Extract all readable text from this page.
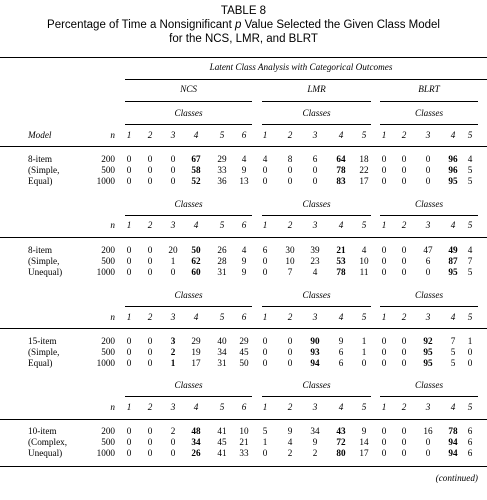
TABLE 8
Percentage of Time a Nonsignificant p Value Selected the Given Class Model
for the NCS, LMR, and BLRT
Latent Class Analysis with Categorical Outcomes
NCS	LMR	BLRT
Classes	Classes	Classes
Model	n 1 2 3 4 5 6 1 2 3 4 5 1 2 3 4 5
8-item
(Simple,
Equal)
200 0 0 0 67 29 4 4 8 6 64 18 0 0 0 96 4
500 0 0 0 58 33 9 0 0 0 78 22 0 0 0 96 5
1000 0 0 0 52 36 13 0 0 0 83 17 0 0 0 95 5
Classes	Classes	Classes
n 1 2 3 4 5 6 1 2 3 4 5 1 2 3 4 5
8-item
(Simple,
Unequal)
200 0 0 20 50 26 4 6 30 39 21 4 0 0 47 49 4
500 0 0 1 62 28 9 0 10 23 53 10 0 0 6 87 7
1000 0 0 0 60 31 9 0 7 4 78 11 0 0 0 95 5
Classes	Classes	Classes
n 1 2 3 4 5 6 1 2 3 4 5 1 2 3 4 5
15-item
(Simple,
Equal)
200 0 0 3 29 40 29 0 0 90 9 1 0 0 92 7 1
500 0 0 2 19 34 45 0 0 93 6 1 0 0 95 5 0
1000 0 0 1 17 31 50 0 0 94 6 0 0 0 95 5 0
Classes	Classes	Classes
n 1 2 3 4 5 6 1 2 3 4 5 1 2 3 4 5
10-item
(Complex,
Unequal)
200 0 0 2 48 41 10 5 9 34 43 9 0 0 16 78 6
500 0 0 0 34 45 21 1 4 9 72 14 0 0 0 94 6
1000 0 0 0 26 41 33 0 2 2 80 17 0 0 0 94 6
(continued)
